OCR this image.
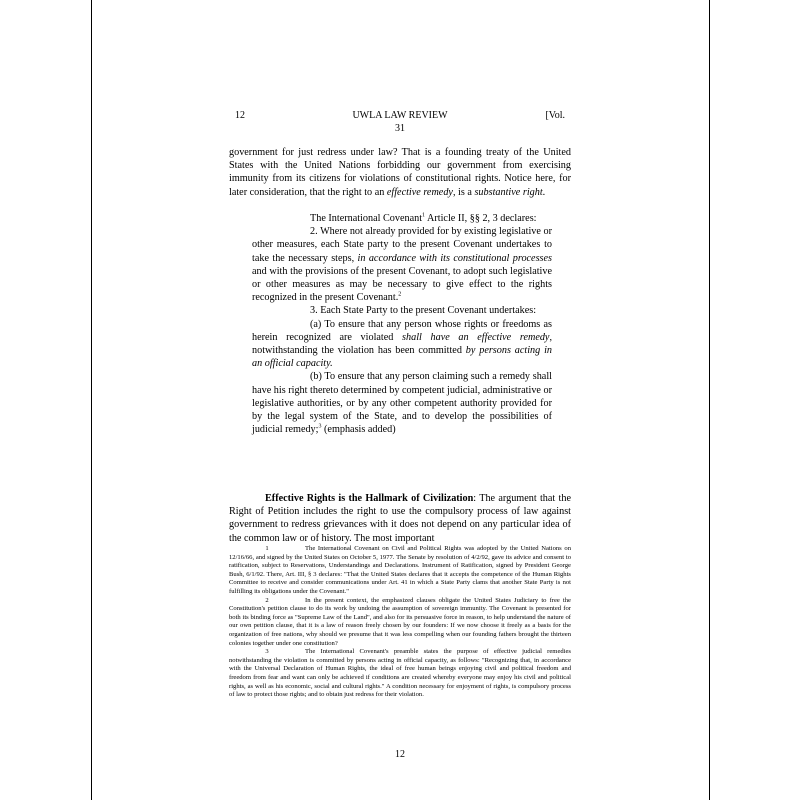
12	UWLA LAW REVIEW	[Vol.
31

government for just redress under law? That is a founding treaty of the United States with the United Nations forbidding our government from exercising immunity from its citizens for violations of constitutional rights. Notice here, for later consideration, that the right to an effective remedy, is a substantive right.

The International Covenant$^1$ Article II, §§ 2, 3 declares:

2. Where not already provided for by existing legislative or other measures, each State party to the present Covenant undertakes to take the necessary steps, in accordance with its constitutional processes and with the provisions of the present Covenant, to adopt such legislative or other measures as may be necessary to give effect to the rights recognized in the present Covenant.$^2$

3. Each State Party to the present Covenant undertakes:

(a) To ensure that any person whose rights or freedoms as herein recognized are violated shall have an effective remedy, notwithstanding the violation has been committed by persons acting in an official capacity.

(b) To ensure that any person claiming such a remedy shall have his right thereto determined by competent judicial, administrative or legislative authorities, or by any other competent authority provided for by the legal system of the State, and to develop the possibilities of judicial remedy;$^3$ (emphasis added)

Effective Rights is the Hallmark of Civilization: The argument that the Right of Petition includes the right to use the compulsory process of law against government to redress grievances with it does not depend on any particular idea of the common law or of history. The most important

1	The International Covenant on Civil and Political Rights was adopted by the United Nations on 12/16/66, and signed by the United States on October 5, 1977. The Senate by resolution of 4/2/92, gave its advice and consent to ratification, subject to Reservations, Understandings and Declarations. Instrument of Ratification, signed by President George Bush, 6/1/92. There, Art. III, § 3 declares: "That the United States declares that it accepts the competence of the Human Rights Committee to receive and consider communications under Art. 41 in which a State Party clams that another State Party is not fulfilling its obligations under the Covenant."

2	In the present context, the emphasized clauses obligate the United States Judiciary to free the Constitution's petition clause to do its work by undoing the assumption of sovereign immunity. The Covenant is presented for both its binding force as "Supreme Law of the Land", and also for its persuasive force in reason, to help understand the nature of our own petition clause, that it is a law of reason freely chosen by our founders: If we now choose it freely as a basis for the organization of free nations, why should we presume that it was less compelling when our founding fathers brought the thirteen colonies together under one constitution?

3	The International Covenant's preamble states the purpose of effective judicial remedies notwithstanding the violation is committed by persons acting in official capacity, as follows: "Recognizing that, in accordance with the Universal Declaration of Human Rights, the ideal of free human beings enjoying civil and political freedom and freedom from fear and want can only be achieved if conditions are created whereby everyone may enjoy his civil and political rights, as well as his economic, social and cultural rights." A condition necessary for enjoyment of rights, is compulsory process of law to protect those rights; and to obtain just redress for their violation.

12
